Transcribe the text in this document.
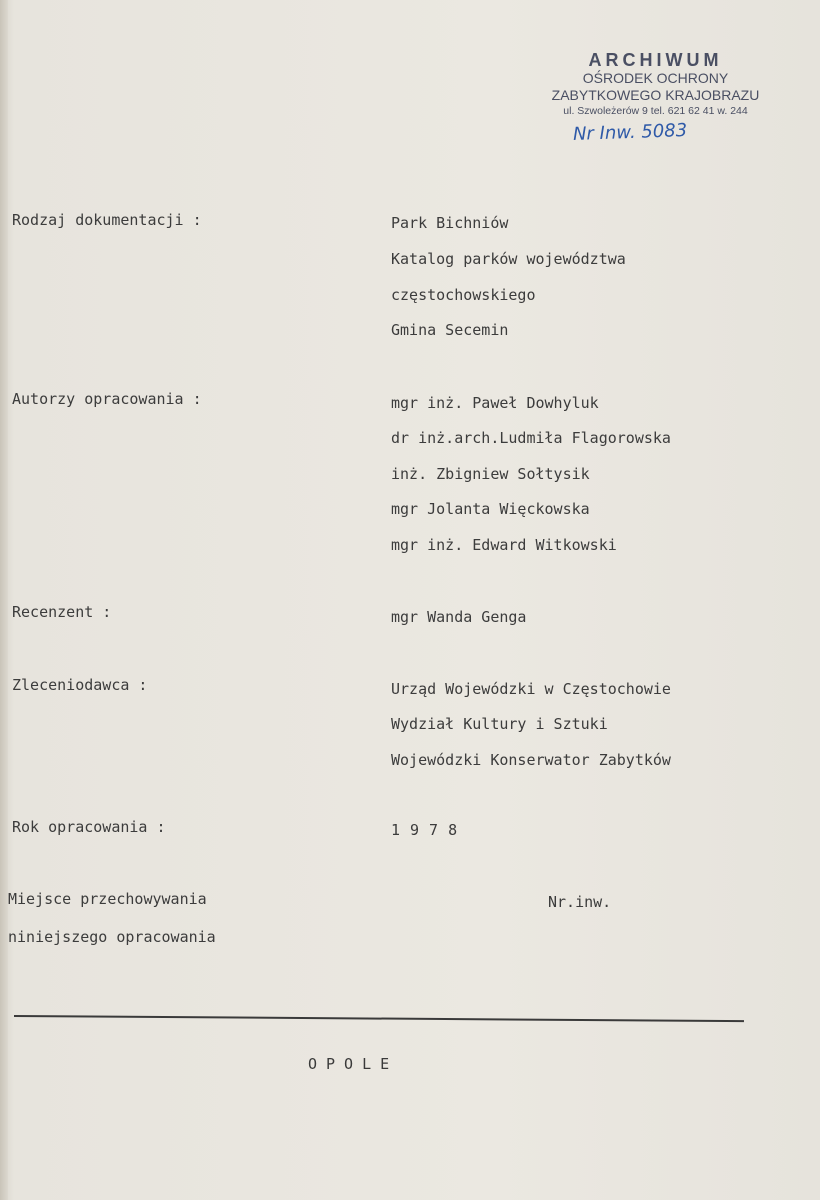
ARCHIWUM
OŚRODEK OCHRONY
ZABYTKOWEGO KRAJOBRAZU
ul. Szwoleżerów 9 tel. 621 62 41 w. 244
Nr Inw. 5083
Rodzaj dokumentacji :	Park Bichniów
Katalog parków województwa
częstochowskiego
Gmina Secemin
Autorzy opracowania :	mgr inż. Paweł Dowhyluk
dr inż.arch.Ludmiła Flagorowska
inż. Zbigniew Sołtysik
mgr Jolanta Więckowska
mgr inż. Edward Witkowski
Recenzent :	mgr Wanda Genga
Zleceniodawca :	Urząd Wojewódzki w Częstochowie
Wydział Kultury i Sztuki
Wojewódzki Konserwator Zabytków
Rok opracowania :	1978
Miejsce przechowywania
niniejszego opracowania
Nr.inw.
OPOLE
